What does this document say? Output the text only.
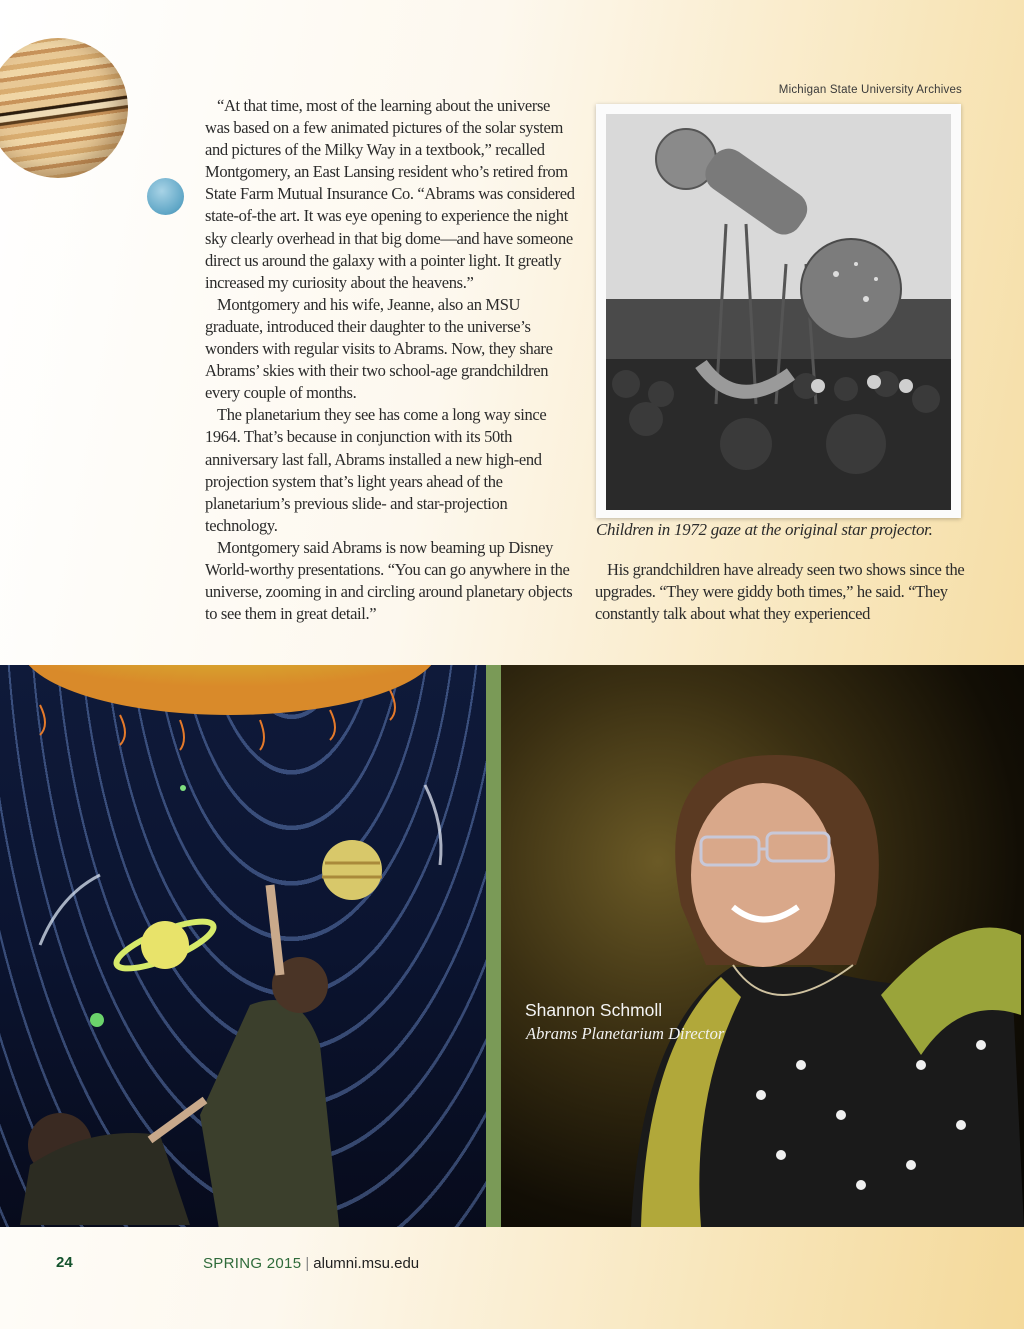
“At that time, most of the learning about the universe was based on a few animated pictures of the solar system and pictures of the Milky Way in a textbook,” recalled Montgomery, an East Lansing resident who’s retired from State Farm Mutual Insurance Co. “Abrams was considered state-of-the art. It was eye opening to experience the night sky clearly overhead in that big dome—and have someone direct us around the galaxy with a pointer light. It greatly increased my curiosity about the heavens.”

Montgomery and his wife, Jeanne, also an MSU graduate, introduced their daughter to the universe’s wonders with regular visits to Abrams. Now, they share Abrams’ skies with their two school-age grandchildren every couple of months.

The planetarium they see has come a long way since 1964. That’s because in conjunction with its 50th anniversary last fall, Abrams installed a new high-end projection system that’s light years ahead of the planetarium’s previous slide- and star-projection technology.

Montgomery said Abrams is now beaming up Disney World-worthy presentations. “You can go anywhere in the universe, zooming in and circling around planetary objects to see them in great detail.”

Michigan State University Archives
Children in 1972 gaze at the original star projector.

His grandchildren have already seen two shows since the upgrades. “They were giddy both times,” he said. “They constantly talk about what they experienced

Shannon Schmoll
Abrams Planetarium Director
24	SPRING 2015 | alumni.msu.edu
